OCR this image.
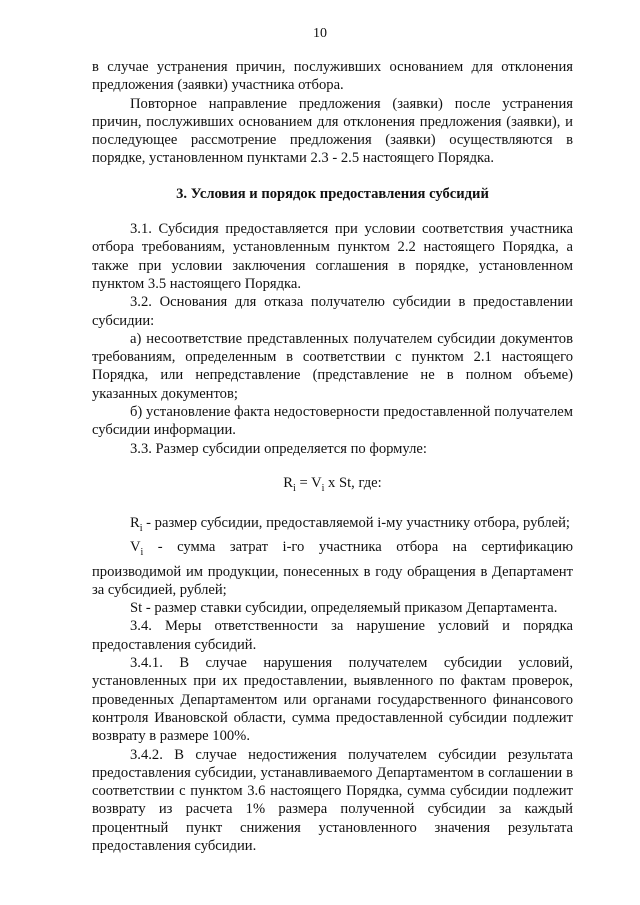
10

в случае устранения причин, послуживших основанием для отклонения предложения (заявки) участника отбора.

Повторное направление предложения (заявки) после устранения причин, послуживших основанием для отклонения предложения (заявки), и последующее рассмотрение предложения (заявки) осуществляются в порядке, установленном пунктами 2.3 - 2.5 настоящего Порядка.

3. Условия и порядок предоставления субсидий

3.1. Субсидия предоставляется при условии соответствия участника отбора требованиям, установленным пунктом 2.2 настоящего Порядка, а также при условии заключения соглашения в порядке, установленном пунктом 3.5 настоящего Порядка.

3.2. Основания для отказа получателю субсидии в предоставлении субсидии:

а) несоответствие представленных получателем субсидии документов требованиям, определенным в соответствии с пунктом 2.1 настоящего Порядка, или непредставление (представление не в полном объеме) указанных документов;

б) установление факта недостоверности предоставленной получателем субсидии информации.

3.3. Размер субсидии определяется по формуле:

$R_i = V_i$ x St, где:

$R_i$ - размер субсидии, предоставляемой i-му участнику отбора, рублей;

$V_i$ - сумма затрат i-го участника отбора на сертификацию производимой им продукции, понесенных в году обращения в Департамент за субсидией, рублей;

St - размер ставки субсидии, определяемый приказом Департамента.

3.4. Меры ответственности за нарушение условий и порядка предоставления субсидий.

3.4.1. В случае нарушения получателем субсидии условий, установленных при их предоставлении, выявленного по фактам проверок, проведенных Департаментом или органами государственного финансового контроля Ивановской области, сумма предоставленной субсидии подлежит возврату в размере 100%.

3.4.2. В случае недостижения получателем субсидии результата предоставления субсидии, устанавливаемого Департаментом в соглашении в соответствии с пунктом 3.6 настоящего Порядка, сумма субсидии подлежит возврату из расчета 1% размера полученной субсидии за каждый процентный пункт снижения установленного значения результата предоставления субсидии.
